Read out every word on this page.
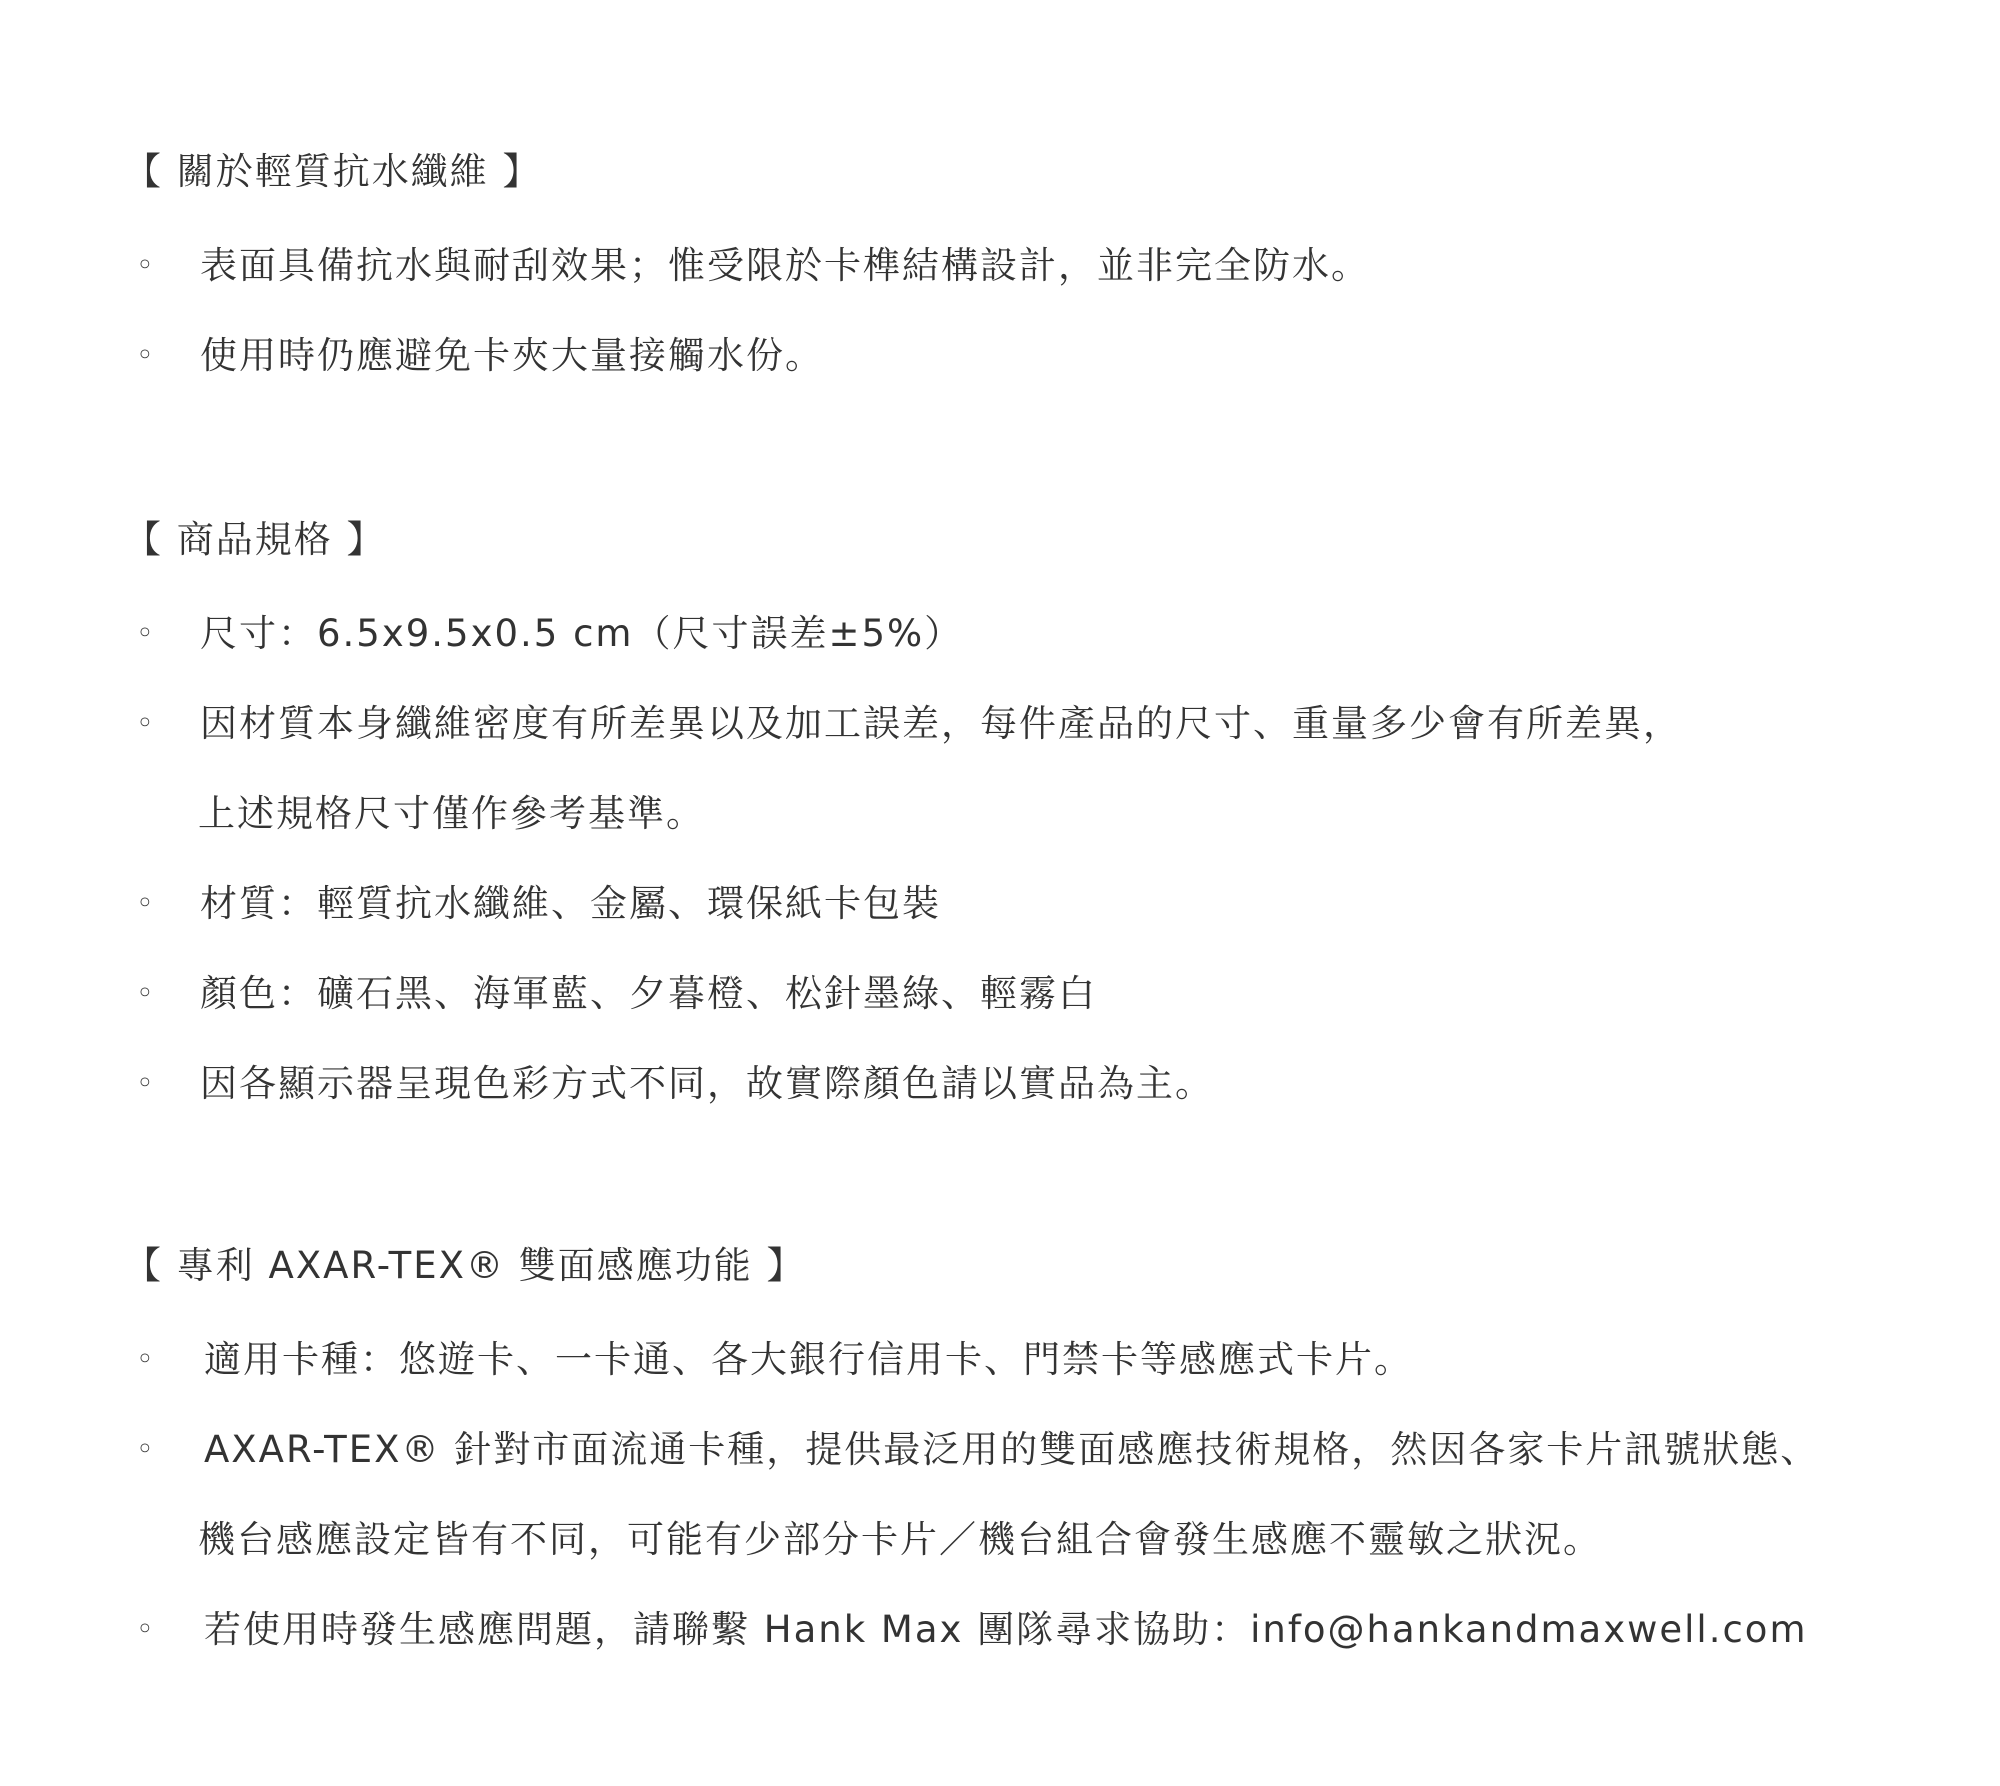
【 關於輕質抗水纖維 】
◦ 表面具備抗水與耐刮效果；惟受限於卡榫結構設計，並非完全防水。
◦ 使用時仍應避免卡夾大量接觸水份。
【 商品規格 】
◦ 尺寸：6.5x9.5x0.5 cm（尺寸誤差±5%）
◦ 因材質本身纖維密度有所差異以及加工誤差，每件產品的尺寸、重量多少會有所差異，
上述規格尺寸僅作參考基準。
◦ 材質：輕質抗水纖維、金屬、環保紙卡包裝
◦ 顏色：礦石黑、海軍藍、夕暮橙、松針墨綠、輕霧白
◦ 因各顯示器呈現色彩方式不同，故實際顏色請以實品為主。
【 專利 AXAR-TEX® 雙面感應功能 】
◦ 適用卡種：悠遊卡、一卡通、各大銀行信用卡、門禁卡等感應式卡片。
◦ AXAR-TEX® 針對市面流通卡種，提供最泛用的雙面感應技術規格，然因各家卡片訊號狀態、
機台感應設定皆有不同，可能有少部分卡片／機台組合會發生感應不靈敏之狀況。
◦ 若使用時發生感應問題，請聯繫 Hank Max 團隊尋求協助：info@hankandmaxwell.com
